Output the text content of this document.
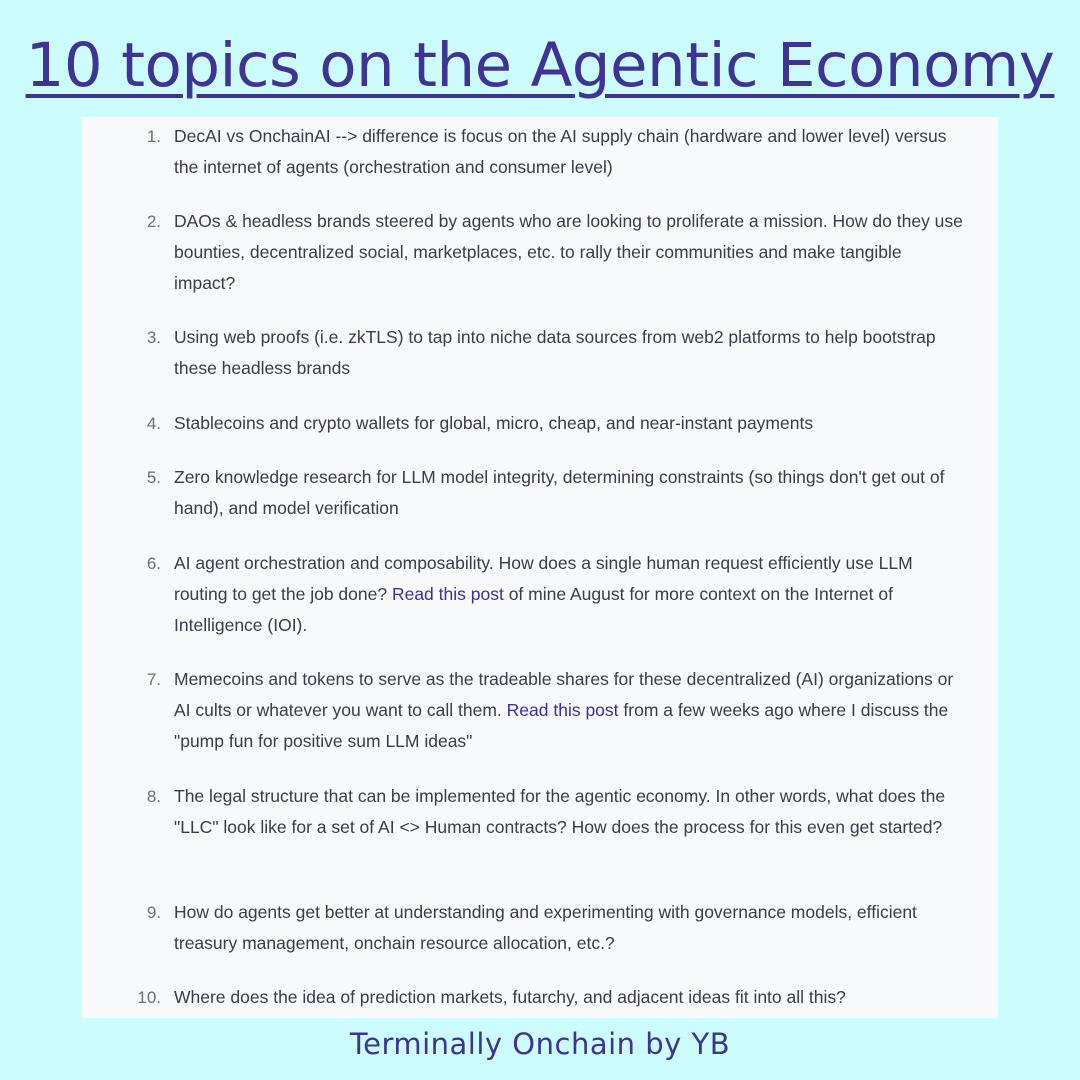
10 topics on the Agentic Economy
1. DecAI vs OnchainAI --> difference is focus on the AI supply chain (hardware and lower level) versus the internet of agents (orchestration and consumer level)
2. DAOs & headless brands steered by agents who are looking to proliferate a mission. How do they use bounties, decentralized social, marketplaces, etc. to rally their communities and make tangible impact?
3. Using web proofs (i.e. zkTLS) to tap into niche data sources from web2 platforms to help bootstrap these headless brands
4. Stablecoins and crypto wallets for global, micro, cheap, and near-instant payments
5. Zero knowledge research for LLM model integrity, determining constraints (so things don't get out of hand), and model verification
6. AI agent orchestration and composability. How does a single human request efficiently use LLM routing to get the job done? Read this post of mine August for more context on the Internet of Intelligence (IOI).
7. Memecoins and tokens to serve as the tradeable shares for these decentralized (AI) organizations or AI cults or whatever you want to call them. Read this post from a few weeks ago where I discuss the "pump fun for positive sum LLM ideas"
8. The legal structure that can be implemented for the agentic economy. In other words, what does the "LLC" look like for a set of AI <> Human contracts? How does the process for this even get started?
9. How do agents get better at understanding and experimenting with governance models, efficient treasury management, onchain resource allocation, etc.?
10. Where does the idea of prediction markets, futarchy, and adjacent ideas fit into all this?
Terminally Onchain by YB
